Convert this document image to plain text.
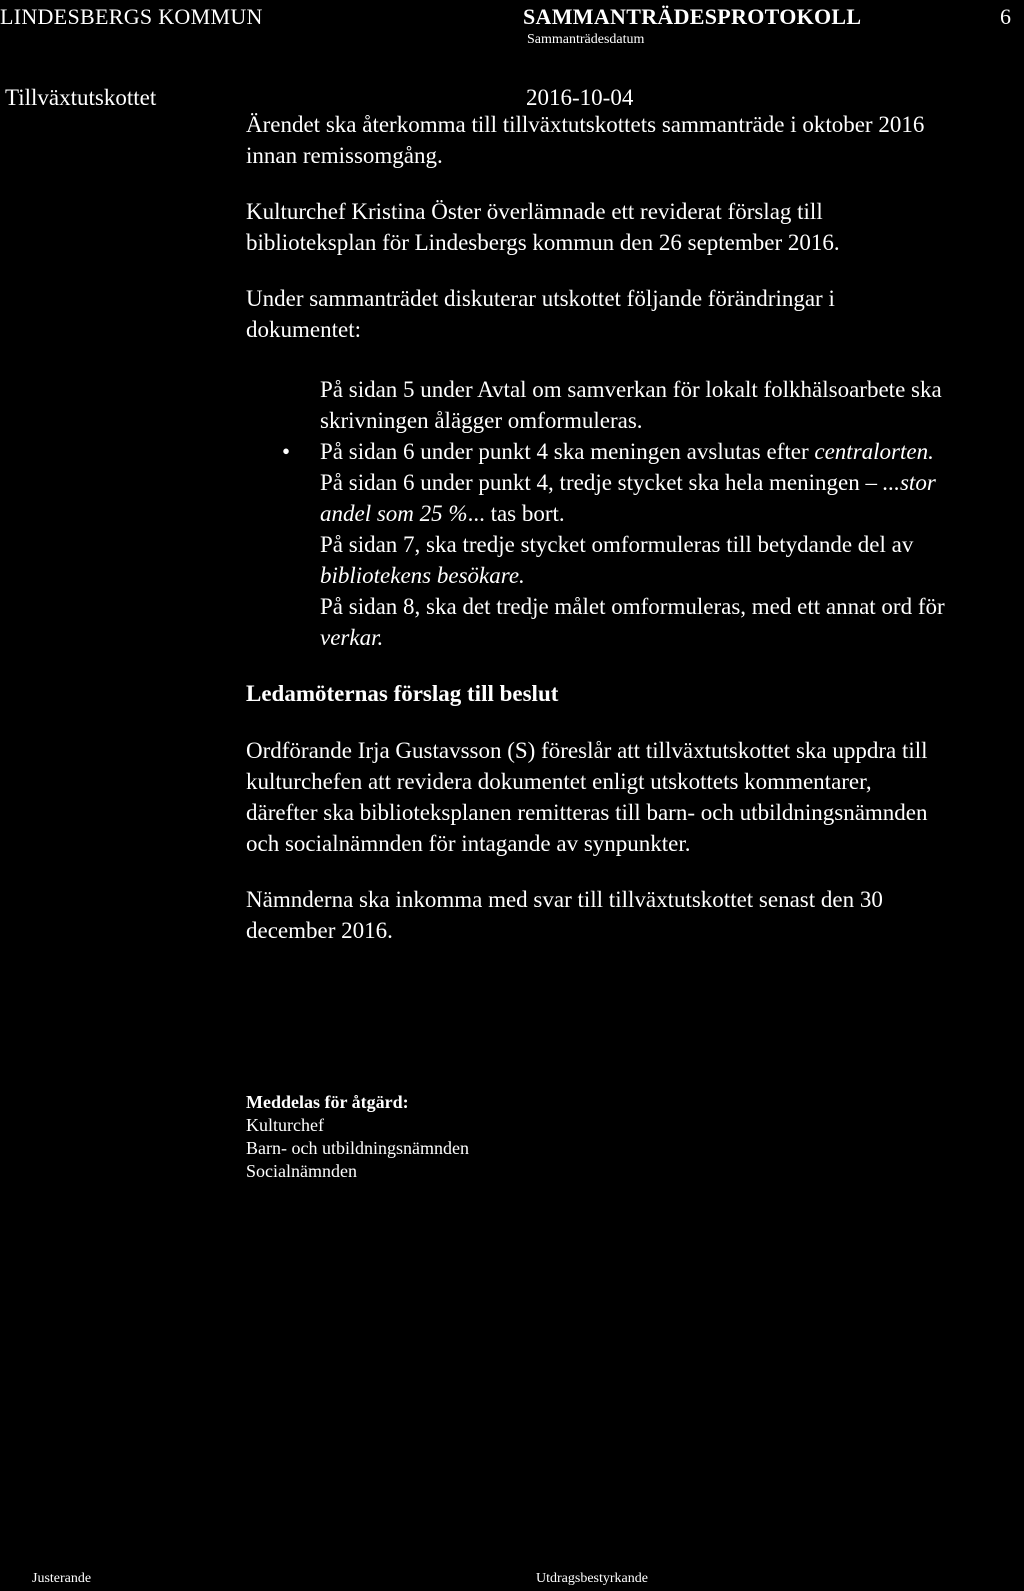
LINDESBERGS KOMMUN	SAMMANTRÄDESPROTOKOLL	6
Sammanträdesdatum
Tillväxtutskottet	2016-10-04

Ärendet ska återkomma till tillväxtutskottets sammanträde i oktober 2016

innan remissomgång.

Kulturchef Kristina Öster överlämnade ett reviderat förslag till

biblioteksplan för Lindesbergs kommun den 26 september 2016.

Under sammanträdet diskuterar utskottet följande förändringar i

dokumentet:

På sidan 5 under Avtal om samverkan för lokalt folkhälsoarbete ska
skrivningen ålägger omformuleras.
• På sidan 6 under punkt 4 ska meningen avslutas efter centralorten.
På sidan 6 under punkt 4, tredje stycket ska hela meningen – ...stor
andel som 25 %... tas bort.
På sidan 7, ska tredje stycket omformuleras till betydande del av
bibliotekens besökare.
På sidan 8, ska det tredje målet omformuleras, med ett annat ord för
verkar.
Ledamöternas förslag till beslut

Ordförande Irja Gustavsson (S) föreslår att tillväxtutskottet ska uppdra till

kulturchefen att revidera dokumentet enligt utskottets kommentarer,

därefter ska biblioteksplanen remitteras till barn- och utbildningsnämnden

och socialnämnden för intagande av synpunkter.

Nämnderna ska inkomma med svar till tillväxtutskottet senast den 30

december 2016.

Meddelas för åtgärd:

Kulturchef

Barn- och utbildningsnämnden

Socialnämnden

Justerande	Utdragsbestyrkande
